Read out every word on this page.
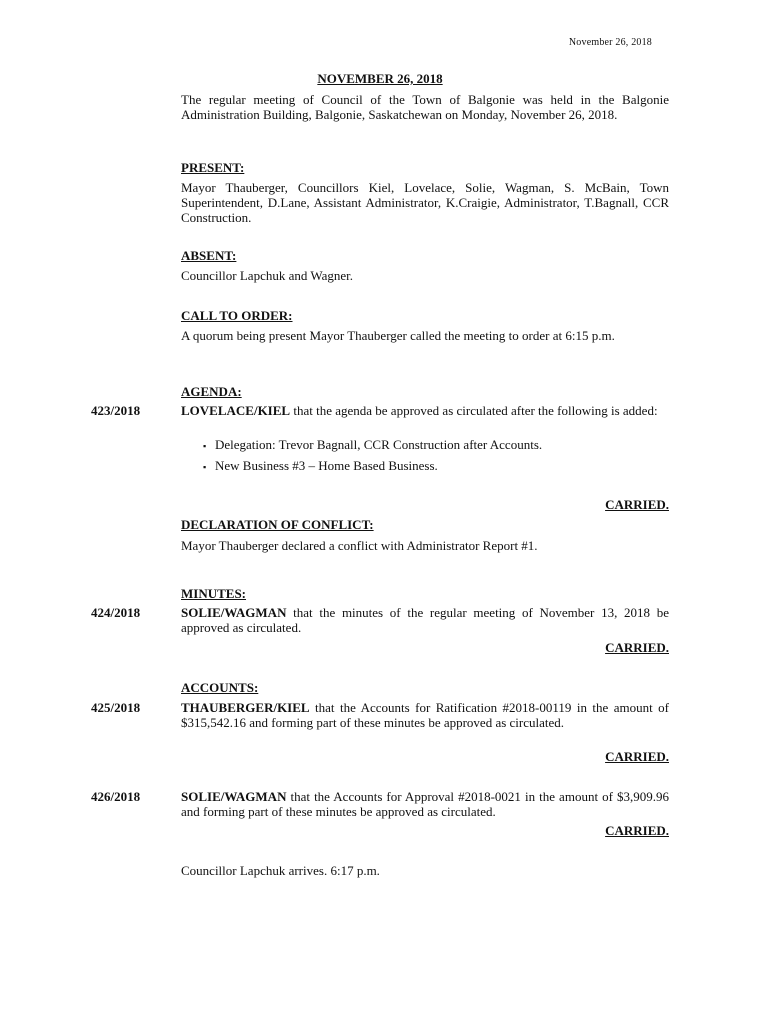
November 26, 2018
NOVEMBER 26, 2018
The regular meeting of Council of the Town of Balgonie was held in the Balgonie Administration Building, Balgonie, Saskatchewan on Monday, November 26, 2018.
PRESENT:
Mayor Thauberger, Councillors Kiel, Lovelace, Solie, Wagman, S. McBain, Town Superintendent, D.Lane, Assistant Administrator, K.Craigie, Administrator, T.Bagnall, CCR Construction.
ABSENT:
Councillor Lapchuk and Wagner.
CALL TO ORDER:
A quorum being present Mayor Thauberger called the meeting to order at 6:15 p.m.
AGENDA:
423/2018	LOVELACE/KIEL that the agenda be approved as circulated after the following is added:
▪ Delegation: Trevor Bagnall, CCR Construction after Accounts.
▪ New Business #3 – Home Based Business.
CARRIED.
DECLARATION OF CONFLICT:
Mayor Thauberger declared a conflict with Administrator Report #1.
MINUTES:
424/2018	SOLIE/WAGMAN that the minutes of the regular meeting of November 13, 2018 be approved as circulated.
CARRIED.
ACCOUNTS:
425/2018	THAUBERGER/KIEL that the Accounts for Ratification #2018-00119 in the amount of $315,542.16 and forming part of these minutes be approved as circulated.
CARRIED.
426/2018	SOLIE/WAGMAN that the Accounts for Approval #2018-0021 in the amount of $3,909.96 and forming part of these minutes be approved as circulated.
CARRIED.
Councillor Lapchuk arrives. 6:17 p.m.
